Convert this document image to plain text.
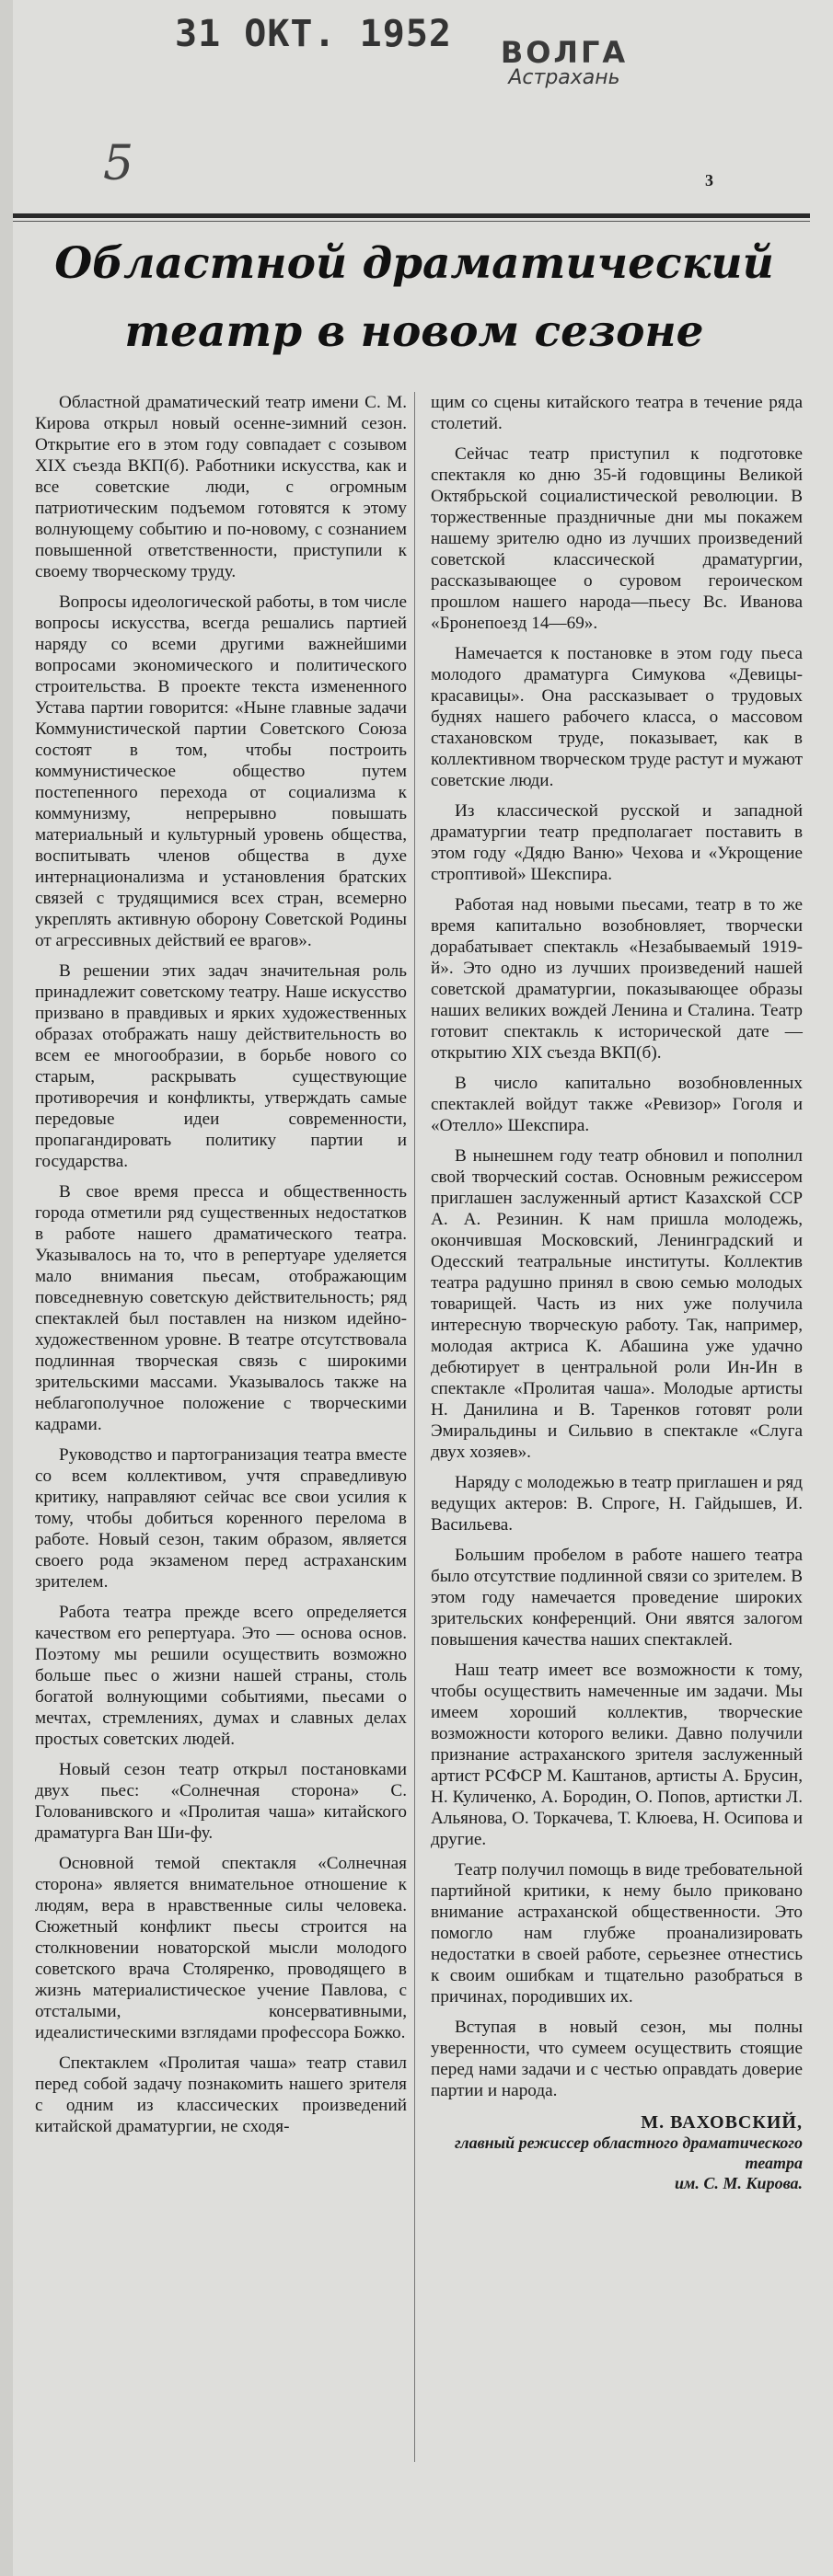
31 ОКТ. 1952	ВОЛГА
Астрахань
5	3
Областной драматический
театр в новом сезоне

Областной драматический театр имени С. М. Кирова открыл новый осенне-зимний сезон. Открытие его в этом году совпадает с созывом XIX съезда ВКП(б). Работники искусства, как и все советские люди, с огромным патриотическим подъемом готовятся к этому волнующему событию и по-новому, с сознанием повышенной ответственности, приступили к своему творческому труду.

Вопросы идеологической работы, в том числе вопросы искусства, всегда решались партией наряду со всеми другими важнейшими вопросами экономического и политического строительства. В проекте текста измененного Устава партии говорится: «Ныне главные задачи Коммунистической партии Советского Союза состоят в том, чтобы построить коммунистическое общество путем постепенного перехода от социализма к коммунизму, непрерывно повышать материальный и культурный уровень общества, воспитывать членов общества в духе интернационализма и установления братских связей с трудящимися всех стран, всемерно укреплять активную оборону Советской Родины от агрессивных действий ее врагов».

В решении этих задач значительная роль принадлежит советскому театру. Наше искусство призвано в правдивых и ярких художественных образах отображать нашу действительность во всем ее многообразии, в борьбе нового со старым, раскрывать существующие противоречия и конфликты, утверждать самые передовые идеи современности, пропагандировать политику партии и государства.

В свое время пресса и общественность города отметили ряд существенных недостатков в работе нашего драматического театра. Указывалось на то, что в репертуаре уделяется мало внимания пьесам, отображающим повседневную советскую действительность; ряд спектаклей был поставлен на низком идейно-художественном уровне. В театре отсутствовала подлинная творческая связь с широкими зрительскими массами. Указывалось также на неблагополучное положение с творческими кадрами.

Руководство и партогранизация театра вместе со всем коллективом, учтя справедливую критику, направляют сейчас все свои усилия к тому, чтобы добиться коренного перелома в работе. Новый сезон, таким образом, является своего рода экзаменом перед астраханским зрителем.

Работа театра прежде всего определяется качеством его репертуара. Это — основа основ. Поэтому мы решили осуществить возможно больше пьес о жизни нашей страны, столь богатой волнующими событиями, пьесами о мечтах, стремлениях, думах и славных делах простых советских людей.

Новый сезон театр открыл постановками двух пьес: «Солнечная сторона» С. Голованивского и «Пролитая чаша» китайского драматурга Ван Ши-фу.

Основной темой спектакля «Солнечная сторона» является внимательное отношение к людям, вера в нравственные силы человека. Сюжетный конфликт пьесы строится на столкновении новаторской мысли молодого советского врача Столяренко, проводящего в жизнь материалистическое учение Павлова, с отсталыми, консервативными, идеалистическими взглядами профессора Божко.

Спектаклем «Пролитая чаша» театр ставил перед собой задачу познакомить нашего зрителя с одним из классических произведений китайской драматургии, не сходя-

щим со сцены китайского театра в течение ряда столетий.

Сейчас театр приступил к подготовке спектакля ко дню 35-й годовщины Великой Октябрьской социалистической революции. В торжественные праздничные дни мы покажем нашему зрителю одно из лучших произведений советской классической драматургии, рассказывающее о суровом героическом прошлом нашего народа—пьесу Вс. Иванова «Бронепоезд 14—69».

Намечается к постановке в этом году пьеса молодого драматурга Симукова «Девицы-красавицы». Она рассказывает о трудовых буднях нашего рабочего класса, о массовом стахановском труде, показывает, как в коллективном творческом труде растут и мужают советские люди.

Из классической русской и западной драматургии театр предполагает поставить в этом году «Дядю Ваню» Чехова и «Укрощение строптивой» Шекспира.

Работая над новыми пьесами, театр в то же время капитально возобновляет, творчески дорабатывает спектакль «Незабываемый 1919-й». Это одно из лучших произведений нашей советской драматургии, показывающее образы наших великих вождей Ленина и Сталина. Театр готовит спектакль к исторической дате — открытию XIX съезда ВКП(б).

В число капитально возобновленных спектаклей войдут также «Ревизор» Гоголя и «Отелло» Шекспира.

В нынешнем году театр обновил и пополнил свой творческий состав. Основным режиссером приглашен заслуженный артист Казахской ССР А. А. Резинин. К нам пришла молодежь, окончившая Московский, Ленинградский и Одесский театральные институты. Коллектив театра радушно принял в свою семью молодых товарищей. Часть из них уже получила интересную творческую работу. Так, например, молодая актриса К. Абашина уже удачно дебютирует в центральной роли Ин-Ин в спектакле «Пролитая чаша». Молодые артисты Н. Данилина и В. Таренков готовят роли Эмиральдины и Сильвио в спектакле «Слуга двух хозяев».

Наряду с молодежью в театр приглашен и ряд ведущих актеров: В. Спроге, Н. Гайдышев, И. Васильева.

Большим пробелом в работе нашего театра было отсутствие подлинной связи со зрителем. В этом году намечается проведение широких зрительских конференций. Они явятся залогом повышения качества наших спектаклей.

Наш театр имеет все возможности к тому, чтобы осуществить намеченные им задачи. Мы имеем хороший коллектив, творческие возможности которого велики. Давно получили признание астраханского зрителя заслуженный артист РСФСР М. Каштанов, артисты А. Брусин, Н. Куличенко, А. Бородин, О. Попов, артистки Л. Альянова, О. Торкачева, Т. Клюева, Н. Осипова и другие.

Театр получил помощь в виде требовательной партийной критики, к нему было приковано внимание астраханской общественности. Это помогло нам глубже проанализировать недостатки в своей работе, серьезнее отнестись к своим ошибкам и тщательно разобраться в причинах, породивших их.

Вступая в новый сезон, мы полны уверенности, что сумеем осуществить стоящие перед нами задачи и с честью оправдать доверие партии и народа.

М. ВАХОВСКИЙ,
главный режиссер областного драматического театра
им. С. М. Кирова.
